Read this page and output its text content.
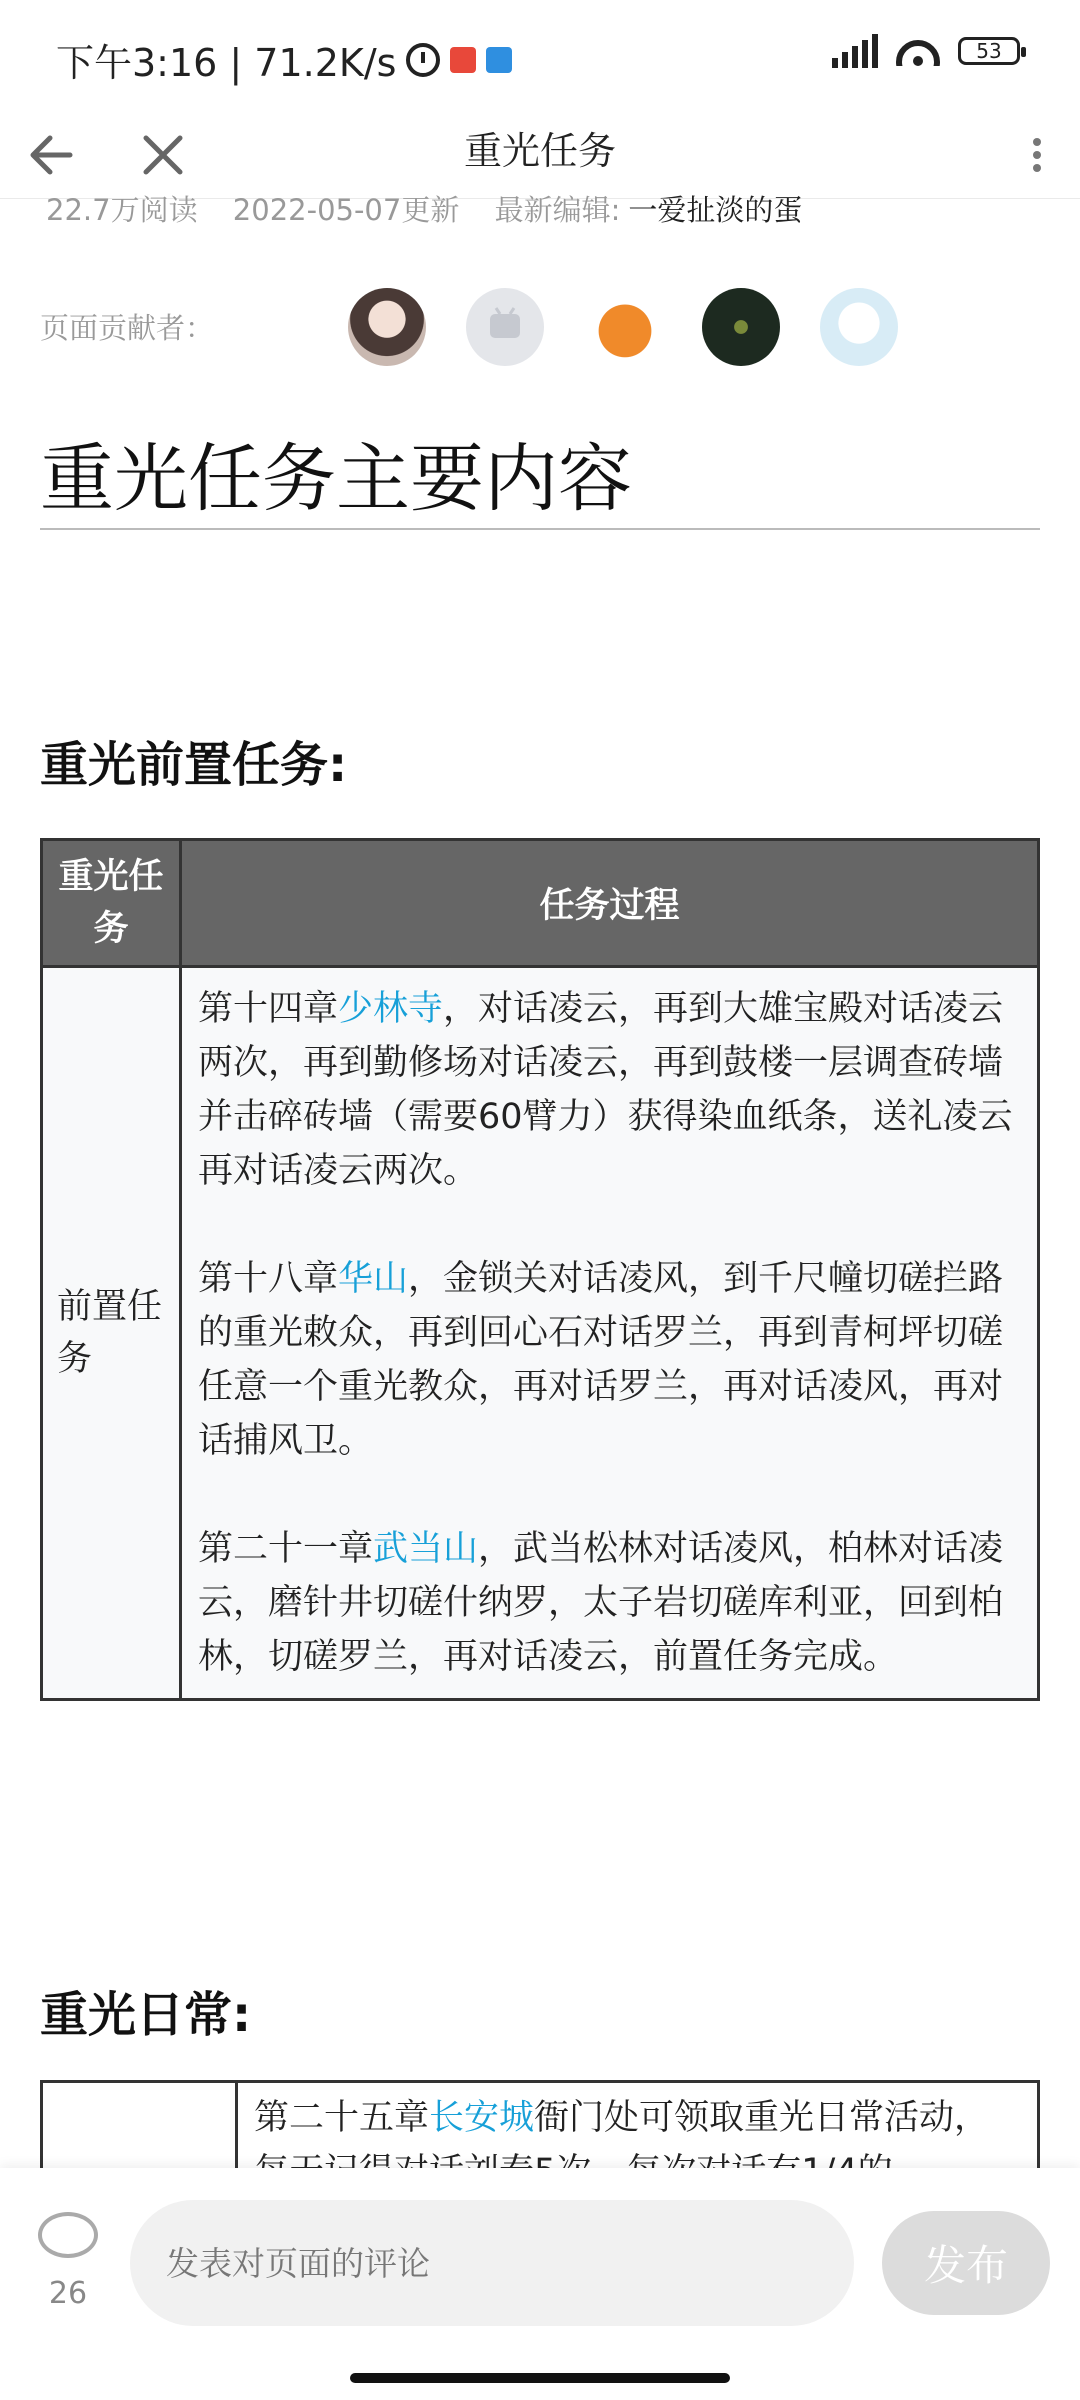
下午3:16 | 71.2K/s	53
重光任务
22.7万阅读 2022-05-07更新 最新编辑: 一爱扯淡的蛋
页面贡献者：
重光任务主要内容
重光前置任务:
重光任务	任务过程
前置任务	第十四章少林寺，对话凌云，再到大雄宝殿对话凌云两次，再到勤修场对话凌云，再到鼓楼一层调查砖墙并击碎砖墙（需要60臂力）获得染血纸条，送礼凌云再对话凌云两次。

第十八章华山，金锁关对话凌风，到千尺幢切磋拦路的重光敕众，再到回心石对话罗兰，再到青柯坪切磋任意一个重光教众，再对话罗兰，再对话凌风，再对话捕风卫。

第二十一章武当山，武当松林对话凌风，柏林对话凌云，磨针井切磋什纳罗，太子岩切磋库利亚，回到柏林，切磋罗兰，再对话凌云，前置任务完成。

重光日常:

第二十五章长安城衙门处可领取重光日常活动，

26
发表对页面的评论
发布
